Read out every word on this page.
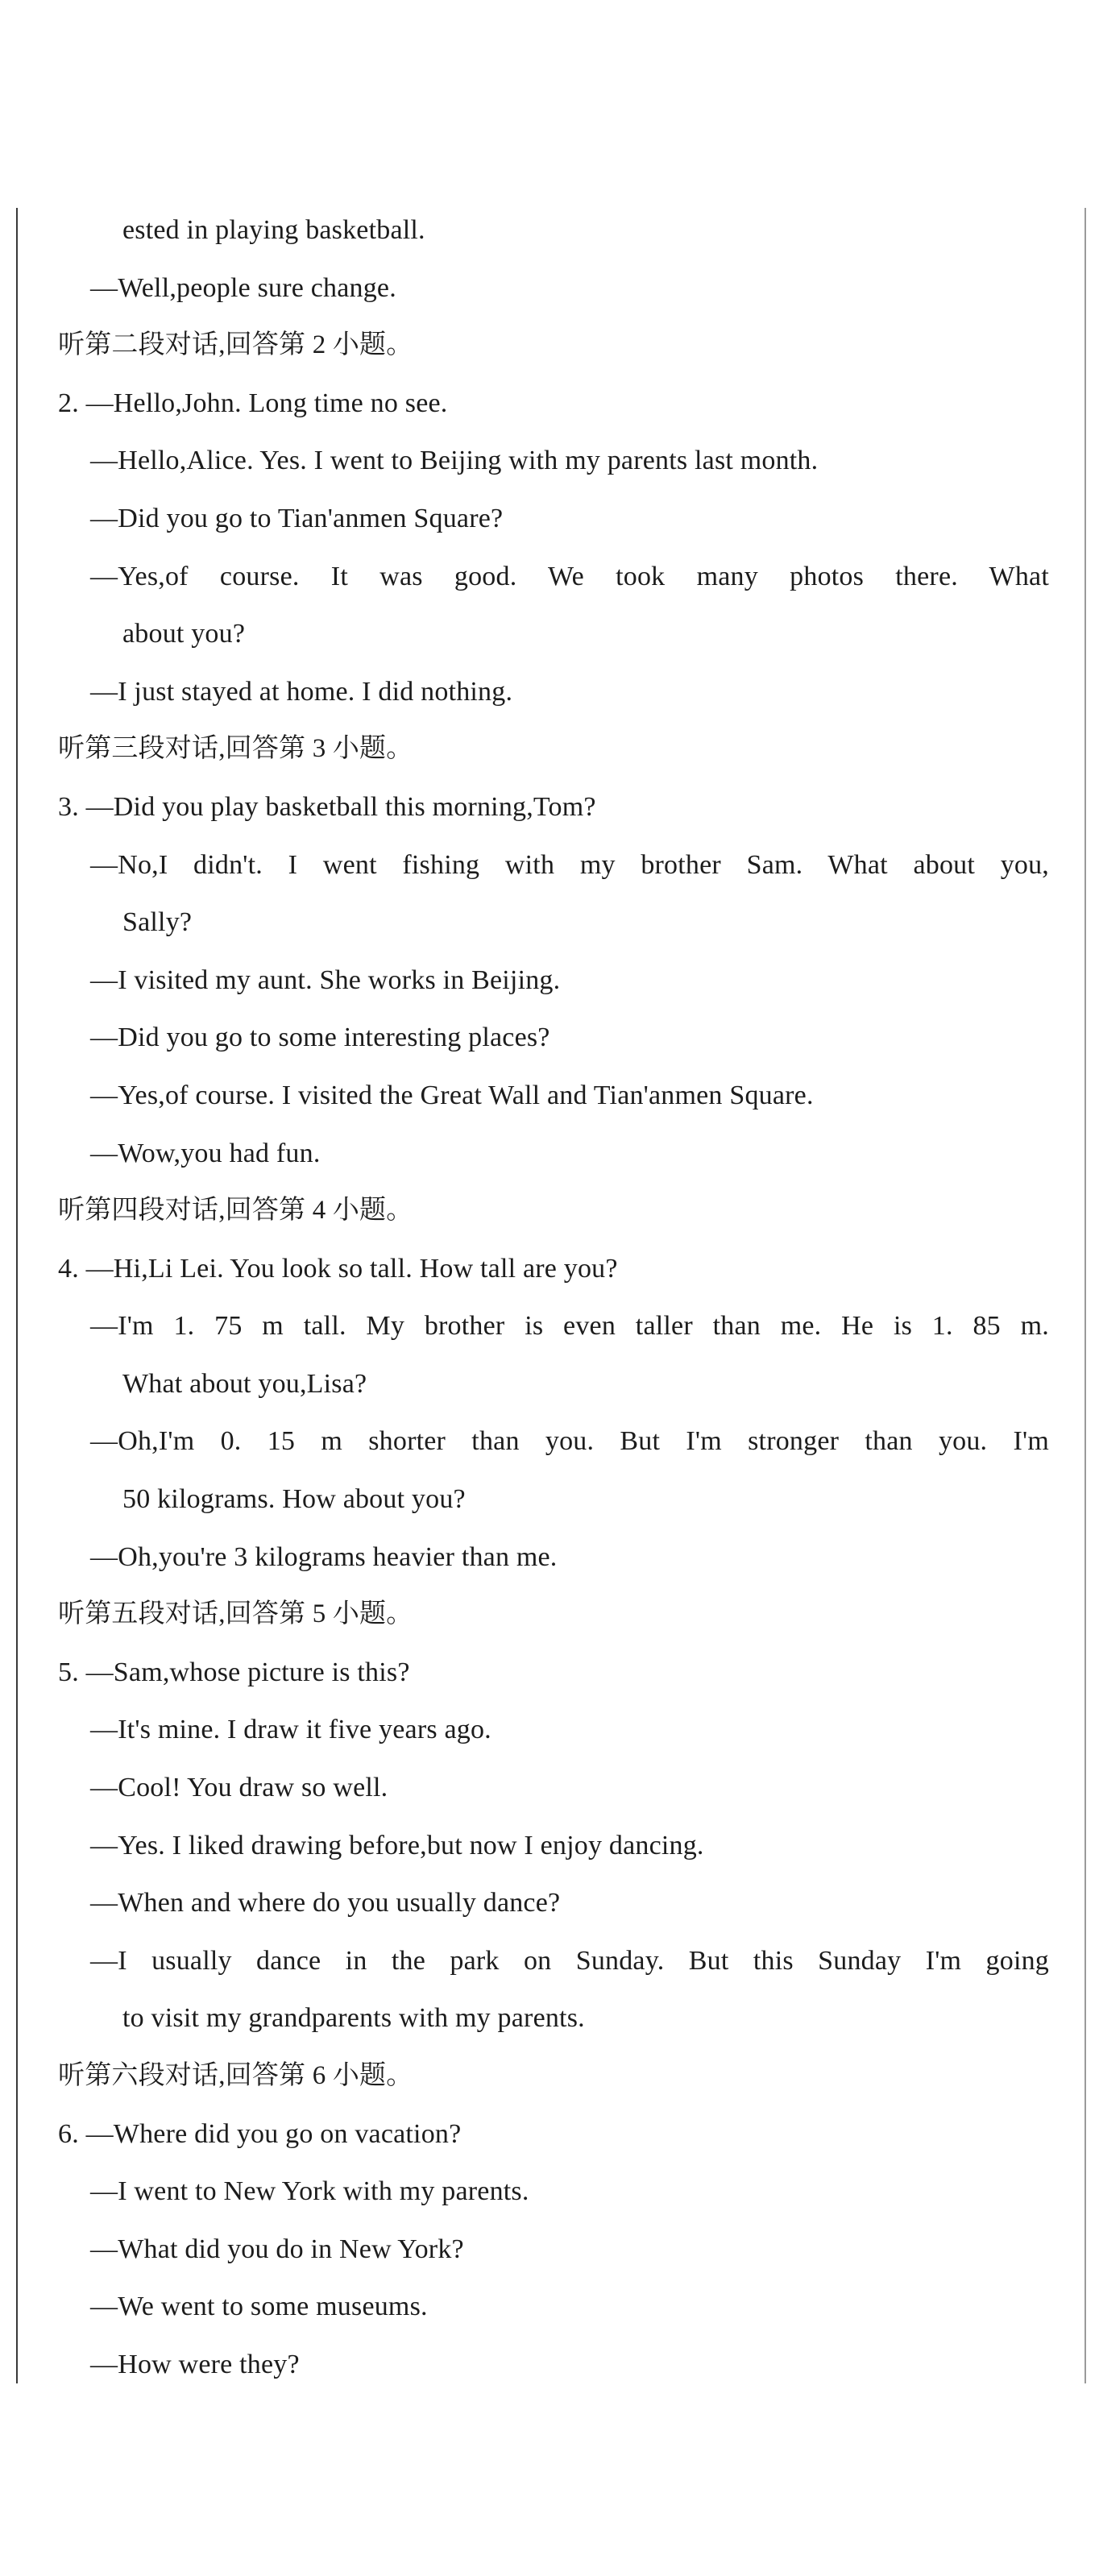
ested in playing basketball.
—Well,people sure change.
听第二段对话,回答第 2 小题。
2. —Hello,John. Long time no see.
—Hello,Alice. Yes. I went to Beijing with my parents last month.
—Did you go to Tian'anmen Square?
—Yes,of course. It was good. We took many photos there. What
about you?
—I just stayed at home. I did nothing.
听第三段对话,回答第 3 小题。
3. —Did you play basketball this morning,Tom?
—No,I didn't. I went fishing with my brother Sam. What about you,
Sally?
—I visited my aunt. She works in Beijing.
—Did you go to some interesting places?
—Yes,of course. I visited the Great Wall and Tian'anmen Square.
—Wow,you had fun.
听第四段对话,回答第 4 小题。
4. —Hi,Li Lei. You look so tall. How tall are you?
—I'm 1. 75 m tall. My brother is even taller than me. He is 1. 85 m.
What about you,Lisa?
—Oh,I'm 0. 15 m shorter than you. But I'm stronger than you. I'm
50 kilograms. How about you?
—Oh,you're 3 kilograms heavier than me.
听第五段对话,回答第 5 小题。
5. —Sam,whose picture is this?
—It's mine. I draw it five years ago.
—Cool! You draw so well.
—Yes. I liked drawing before,but now I enjoy dancing.
—When and where do you usually dance?
—I usually dance in the park on Sunday. But this Sunday I'm going
to visit my grandparents with my parents.
听第六段对话,回答第 6 小题。
6. —Where did you go on vacation?
—I went to New York with my parents.
—What did you do in New York?
—We went to some museums.
—How were they?
